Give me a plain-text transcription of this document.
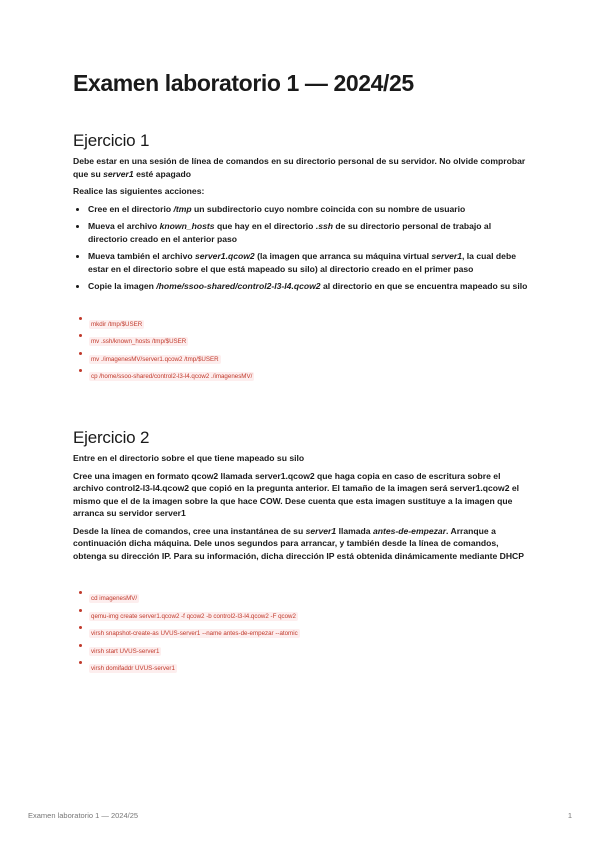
Examen laboratorio 1 — 2024/25
Ejercicio 1

Debe estar en una sesión de línea de comandos en su directorio personal de su servidor. No olvide comprobar que su server1 esté apagado

Realice las siguientes acciones:

• Cree en el directorio /tmp un subdirectorio cuyo nombre coincida con su nombre de usuario
• Mueva el archivo known_hosts que hay en el directorio .ssh de su directorio personal de trabajo al directorio creado en el anterior paso
• Mueva también el archivo server1.qcow2 (la imagen que arranca su máquina virtual server1, la cual debe estar en el directorio sobre el que está mapeado su silo) al directorio creado en el primer paso
• Copie la imagen /home/ssoo-shared/control2-l3-l4.qcow2 al directorio en que se encuentra mapeado su silo
mkdir /tmp/$USER
mv .ssh/known_hosts /tmp/$USER
mv ./imagenesMV/server1.qcow2 /tmp/$USER
cp /home/ssoo-shared/control2-l3-l4.qcow2 ./imagenesMV/
Ejercicio 2

Entre en el directorio sobre el que tiene mapeado su silo

Cree una imagen en formato qcow2 llamada server1.qcow2 que haga copia en caso de escritura sobre el archivo control2-l3-l4.qcow2 que copió en la pregunta anterior. El tamaño de la imagen será server1.qcow2 el mismo que el de la imagen sobre la que hace COW. Dese cuenta que esta imagen sustituye a la imagen que arranca su servidor server1

Desde la línea de comandos, cree una instantánea de su server1 llamada antes-de-empezar. Arranque a continuación dicha máquina. Dele unos segundos para arrancar, y también desde la línea de comandos, obtenga su dirección IP. Para su información, dicha dirección IP está obtenida dinámicamente mediante DHCP

cd imagenesMV/
qemu-img create server1.qcow2 -f qcow2 -b control2-l3-l4.qcow2 -F qcow2
virsh snapshot-create-as UVUS-server1 --name antes-de-empezar --atomic
virsh start UVUS-server1
virsh domifaddr UVUS-server1
Examen laboratorio 1 — 2024/25	1
